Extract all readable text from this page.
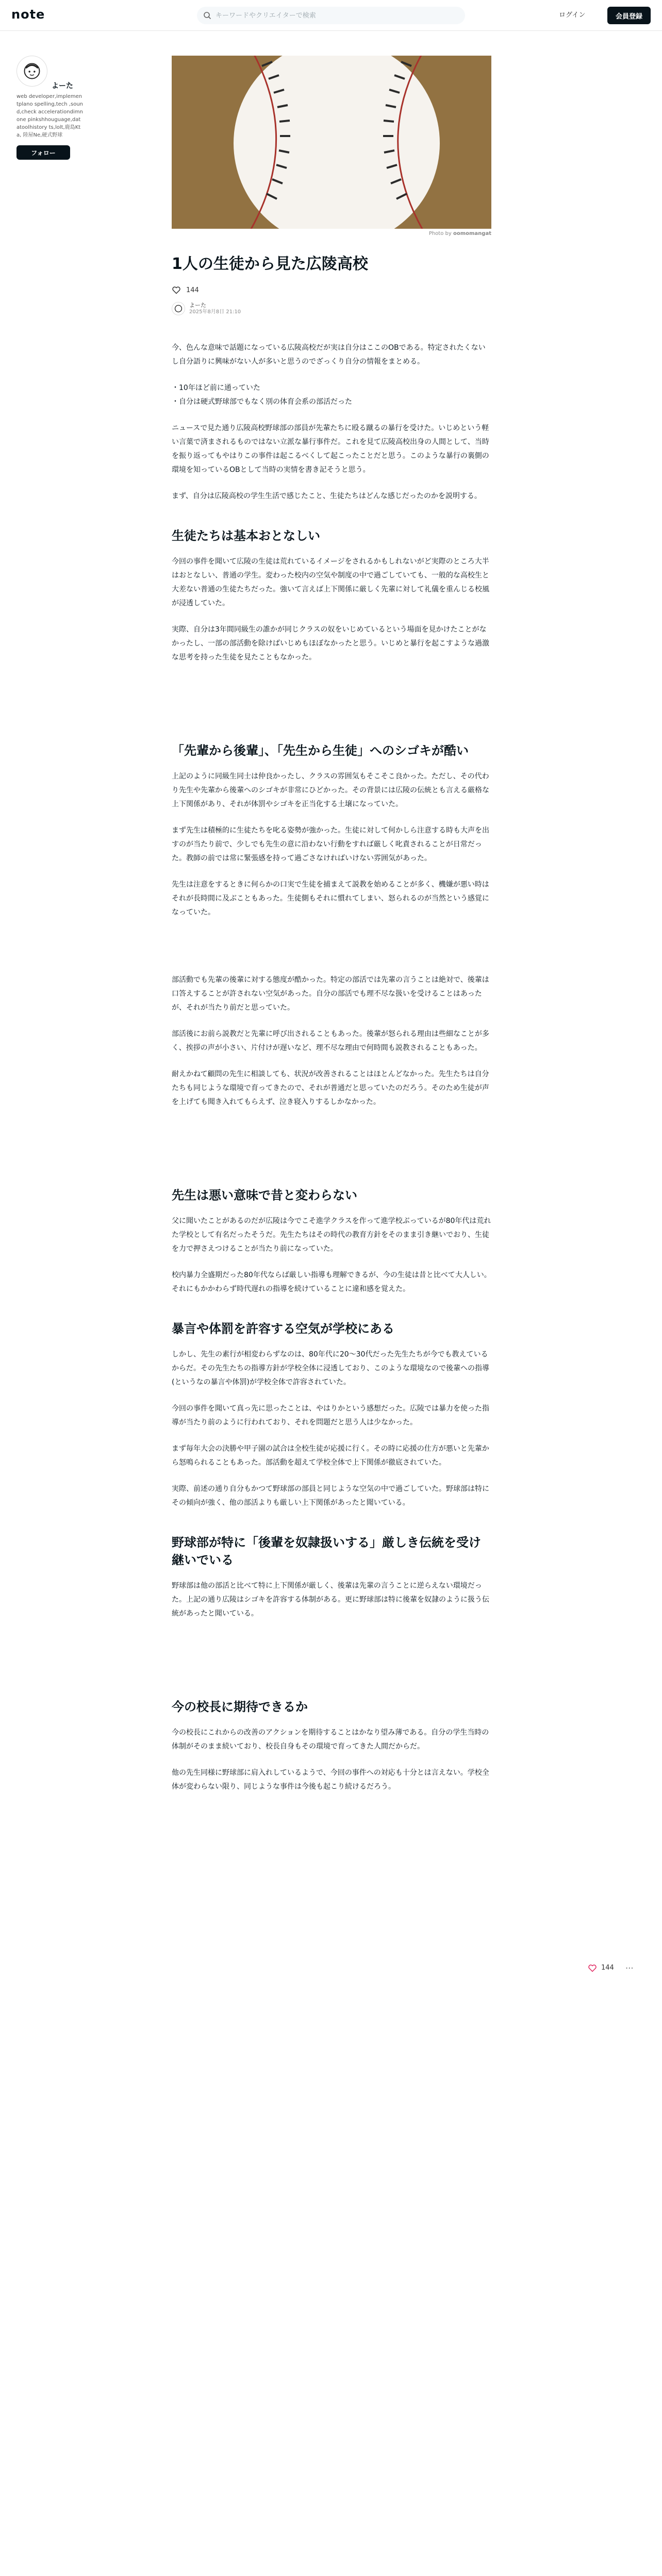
note
キーワードやクリエイターで検索	ログイン	会員登録
よーた
web developer,implementplano spelling,tech ,sound,check accelerationdimnone pinkshhouguage,datatoolhistory ts,lolt,鹿島Kta, 陸屋Ne,硬式野球
フォロー
144 ⋯
Photo by oomomangat
1人の生徒から見た広陵高校
144
よーた
2025年8月8日 21:10

今、色んな意味で話題になっている広陵高校だが実は自分はここのOBである。特定されたくないし自分語りに興味がない人が多いと思うのでざっくり自分の情報をまとめる。

・10年ほど前に通っていた
・自分は硬式野球部でもなく別の体育会系の部活だった

ニュースで見た通り広陵高校野球部の部員が先輩たちに殴る蹴るの暴行を受けた。いじめという軽い言葉で済まされるものではない立派な暴行事件だ。これを見て広陵高校出身の人間として、当時を振り返ってもやはりこの事件は起こるべくして起こったことだと思う。このような暴行の裏側の環境を知っているOBとして当時の実情を書き記そうと思う。

まず、自分は広陵高校の学生生活で感じたこと、生徒たちはどんな感じだったのかを説明する。

生徒たちは基本おとなしい

今回の事件を聞いて広陵の生徒は荒れているイメージをされるかもしれないがど実際のところ大半はおとなしい、普通の学生。変わった校内の空気や制度の中で過ごしていても、一般的な高校生と大差ない普通の生徒たちだった。強いて言えば上下関係に厳しく先輩に対して礼儀を重んじる校風が浸透していた。

実際、自分は3年間同級生の誰かが同じクラスの奴をいじめているという場面を見かけたことがなかったし、一部の部活動を除けばいじめもほぼなかったと思う。いじめと暴行を起こすような過激な思考を持った生徒を見たこともなかった。

「先輩から後輩」、「先生から生徒」へのシゴキが酷い

上記のように同級生同士は仲良かったし、クラスの雰囲気もそこそこ良かった。ただし、その代わり先生や先輩から後輩へのシゴキが非常にひどかった。その背景には広陵の伝統とも言える厳格な上下関係があり、それが体罰やシゴキを正当化する土壌になっていた。

まず先生は積極的に生徒たちを叱る姿勢が強かった。生徒に対して何かしら注意する時も大声を出すのが当たり前で、少しでも先生の意に沿わない行動をすれば厳しく叱責されることが日常だった。教師の前では常に緊張感を持って過ごさなければいけない雰囲気があった。

先生は注意をするときに何らかの口実で生徒を捕まえて説教を始めることが多く、機嫌が悪い時はそれが長時間に及ぶこともあった。生徒側もそれに慣れてしまい、怒られるのが当然という感覚になっていた。

部活動でも先輩の後輩に対する態度が酷かった。特定の部活では先輩の言うことは絶対で、後輩は口答えすることが許されない空気があった。自分の部活でも理不尽な扱いを受けることはあったが、それが当たり前だと思っていた。

部活後にお前ら説教だと先輩に呼び出されることもあった。後輩が怒られる理由は些細なことが多く、挨拶の声が小さい、片付けが遅いなど、理不尽な理由で何時間も説教されることもあった。

耐えかねて顧問の先生に相談しても、状況が改善されることはほとんどなかった。先生たちは自分たちも同じような環境で育ってきたので、それが普通だと思っていたのだろう。そのため生徒が声を上げても聞き入れてもらえず、泣き寝入りするしかなかった。

先生は悪い意味で昔と変わらない

父に聞いたことがあるのだが広陵は今でこそ進学クラスを作って進学校ぶっているが80年代は荒れた学校として有名だったそうだ。先生たちはその時代の教育方針をそのまま引き継いでおり、生徒を力で押さえつけることが当たり前になっていた。

校内暴力全盛期だった80年代ならば厳しい指導も理解できるが、今の生徒は昔と比べて大人しい。それにもかかわらず時代遅れの指導を続けていることに違和感を覚えた。

暴言や体罰を許容する空気が学校にある

しかし、先生の素行が相変わらずなのは、80年代に20～30代だった先生たちが今でも教えているからだ。その先生たちの指導方針が学校全体に浸透しており、このような環境なので後輩への指導(というなの暴言や体罰)が学校全体で許容されていた。

今回の事件を聞いて真っ先に思ったことは、やはりかという感想だった。広陵では暴力を使った指導が当たり前のように行われており、それを問題だと思う人は少なかった。

まず毎年大会の決勝や甲子園の試合は全校生徒が応援に行く。その時に応援の仕方が悪いと先輩から怒鳴られることもあった。部活動を超えて学校全体で上下関係が徹底されていた。

実際、前述の通り自分もかつて野球部の部員と同じような空気の中で過ごしていた。野球部は特にその傾向が強く、他の部活よりも厳しい上下関係があったと聞いている。

野球部が特に「後輩を奴隷扱いする」厳しき伝統を受け継いでいる

野球部は他の部活と比べて特に上下関係が厳しく、後輩は先輩の言うことに逆らえない環境だった。上記の通り広陵はシゴキを許容する体制がある。更に野球部は特に後輩を奴隷のように扱う伝統があったと聞いている。

今の校長に期待できるか

今の校長にこれからの改善のアクションを期待することはかなり望み薄である。自分の学生当時の体制がそのまま続いており、校長自身もその環境で育ってきた人間だからだ。

他の先生同様に野球部に肩入れしているようで、今回の事件への対応も十分とは言えない。学校全体が変わらない限り、同じような事件は今後も起こり続けるだろう。
